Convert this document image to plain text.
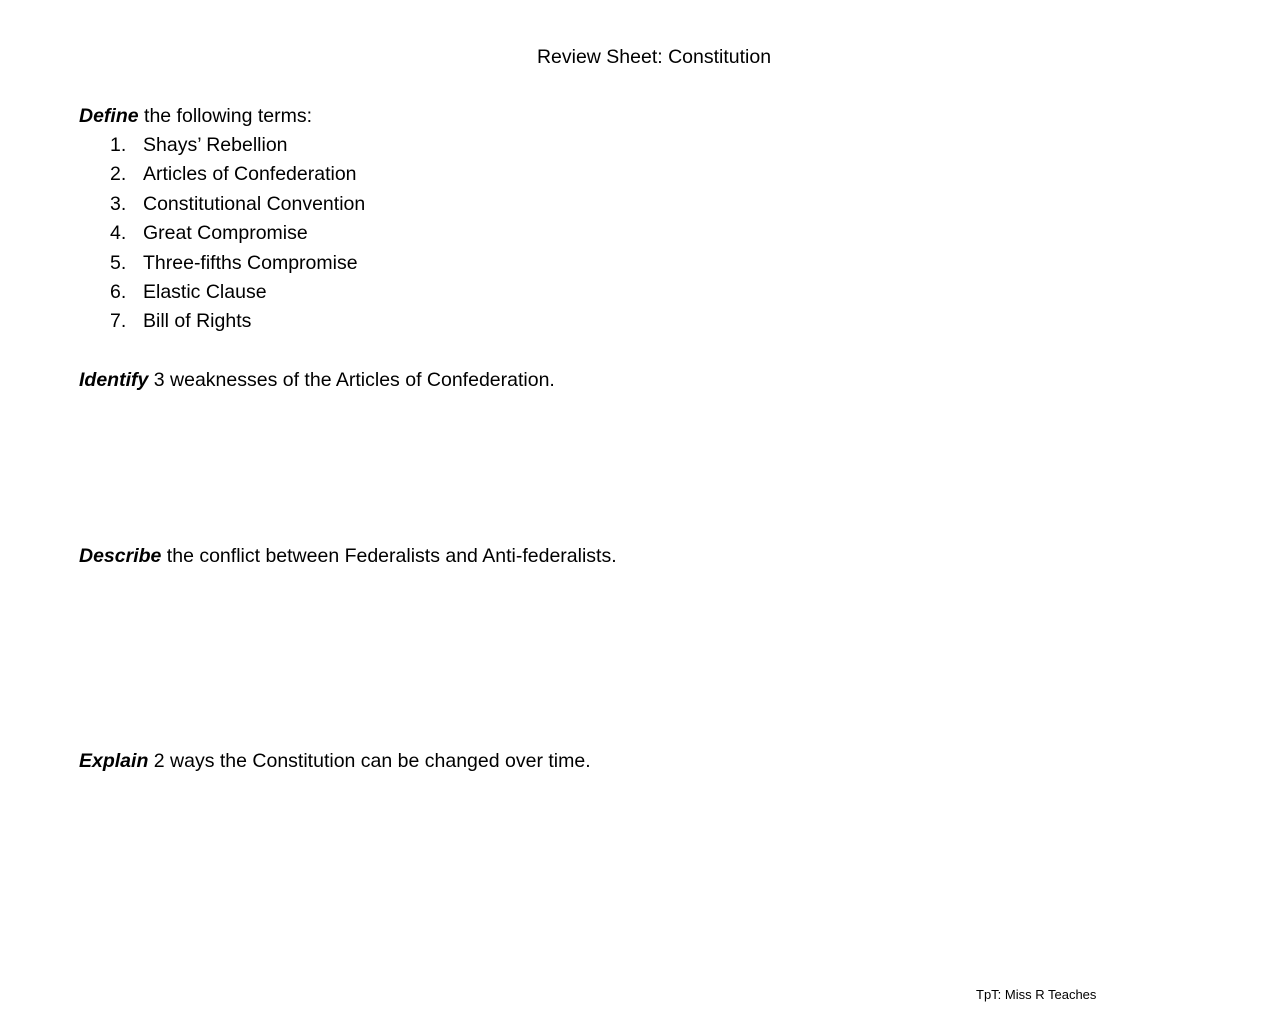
Review Sheet: Constitution
Define the following terms:
1. Shays’ Rebellion
2. Articles of Confederation
3. Constitutional Convention
4. Great Compromise
5. Three-fifths Compromise
6. Elastic Clause
7. Bill of Rights
Identify 3 weaknesses of the Articles of Confederation.
Describe the conflict between Federalists and Anti-federalists.
Explain 2 ways the Constitution can be changed over time.
TpT: Miss R Teaches
